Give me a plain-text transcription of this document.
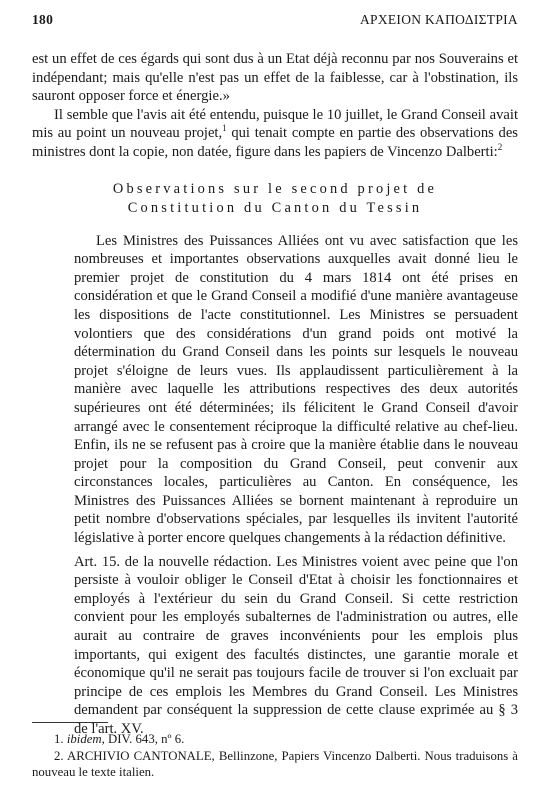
180	ΑΡΧΕΙΟΝ ΚΑΠΟΔΙΣΤΡΙΑ

est un effet de ces égards qui sont dus à un Etat déjà reconnu par nos Souverains et indépendant; mais qu'elle n'est pas un effet de la faiblesse, car à l'obstination, ils sauront opposer force et énergie.»

Il semble que l'avis ait été entendu, puisque le 10 juillet, le Grand Conseil avait mis au point un nouveau projet,$^1$ qui tenait compte en partie des observations des ministres dont la copie, non datée, figure dans les papiers de Vincenzo Dalberti:$^2$

Observations sur le second projet de
Constitution du Canton du Tessin

Les Ministres des Puissances Alliées ont vu avec satisfaction que les nombreuses et importantes observations auxquelles avait donné lieu le premier projet de constitution du 4 mars 1814 ont été prises en considération et que le Grand Conseil a modifié d'une manière avantageuse les dispositions de l'acte constitutionnel. Les Ministres se persuadent volontiers que des considérations d'un grand poids ont motivé la détermination du Grand Conseil dans les points sur lesquels le nouveau projet s'éloigne de leurs vues. Ils applaudissent particulièrement à la manière avec laquelle les attributions respectives des deux autorités supérieures ont été déterminées; ils félicitent le Grand Conseil d'avoir arrangé avec le consentement réciproque la difficulté relative au chef-lieu. Enfin, ils ne se refusent pas à croire que la manière établie dans le nouveau projet pour la composition du Grand Conseil, peut convenir aux circonstances locales, particulières au Canton. En conséquence, les Ministres des Puissances Alliées se bornent maintenant à reproduire un petit nombre d'observations spéciales, par lesquelles ils invitent l'autorité législative à porter encore quelques changements à la rédaction définitive.

Art. 15. de la nouvelle rédaction. Les Ministres voient avec peine que l'on persiste à vouloir obliger le Conseil d'Etat à choisir les fonctionnaires et employés à l'extérieur du sein du Grand Conseil. Si cette restriction convient pour les employés subalternes de l'administration ou autres, elle aurait au contraire de graves inconvénients pour les emplois plus importants, qui exigent des facultés distinctes, une garantie morale et économique qu'il ne serait pas toujours facile de trouver si l'on excluait par principe de ces emplois les Membres du Grand Conseil. Les Ministres demandent par conséquent la suppression de cette clause exprimée au § 3 de l'art. XV.

1. ibidem, DIV. 643, nº 6.

2. ARCHIVIO CANTONALE, Bellinzone, Papiers Vincenzo Dalberti. Nous traduisons à nouveau le texte italien.
